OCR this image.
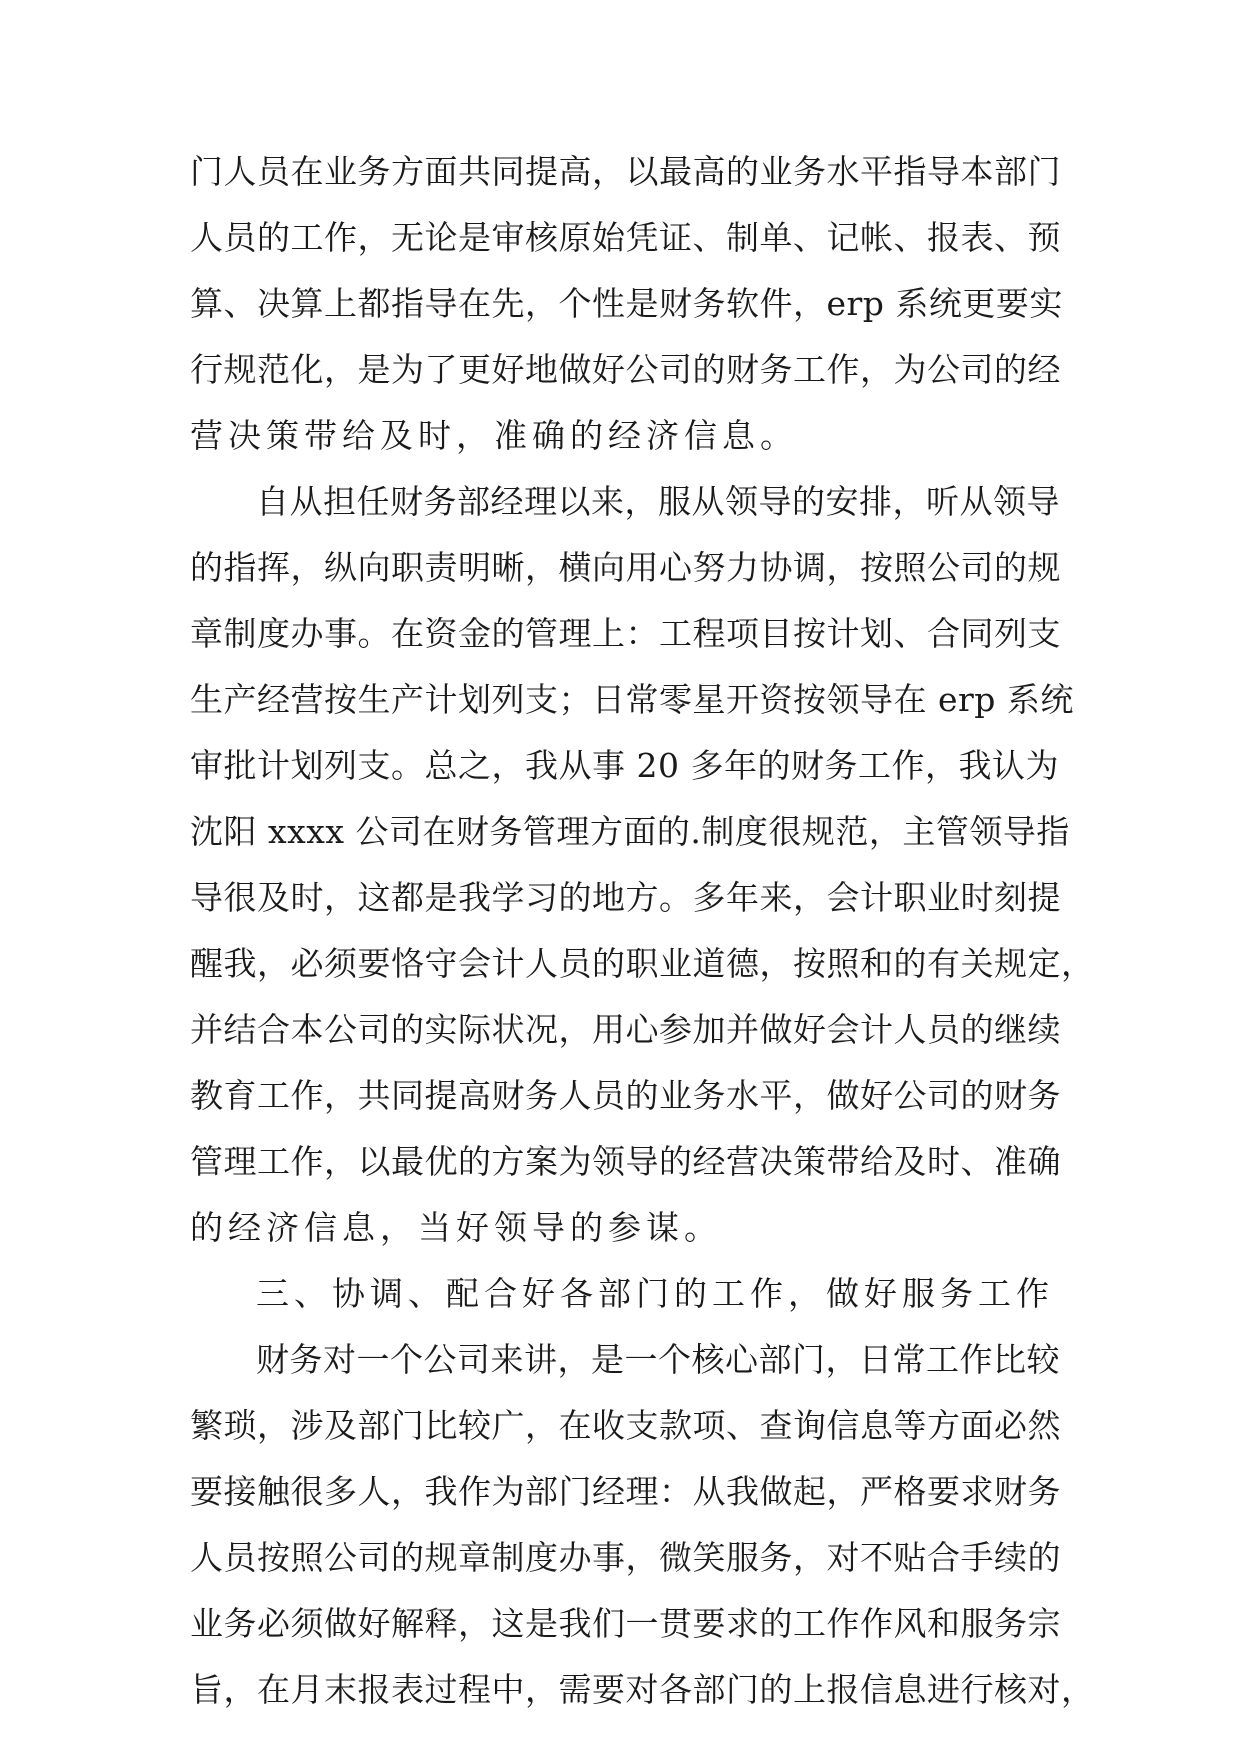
门人员在业务方面共同提高，以最高的业务水平指导本部门
人员的工作，无论是审核原始凭证、制单、记帐、报表、预
算、决算上都指导在先，个性是财务软件，erp 系统更要实
行规范化，是为了更好地做好公司的财务工作，为公司的经
营决策带给及时，准确的经济信息。
自从担任财务部经理以来，服从领导的安排，听从领导
的指挥，纵向职责明晰，横向用心努力协调，按照公司的规
章制度办事。在资金的管理上：工程项目按计划、合同列支
生产经营按生产计划列支；日常零星开资按领导在 erp 系统
审批计划列支。总之，我从事 20 多年的财务工作，我认为
沈阳 xxxx 公司在财务管理方面的.制度很规范，主管领导指
导很及时，这都是我学习的地方。多年来，会计职业时刻提
醒我，必须要恪守会计人员的职业道德，按照和的有关规定，
并结合本公司的实际状况，用心参加并做好会计人员的继续
教育工作，共同提高财务人员的业务水平，做好公司的财务
管理工作，以最优的方案为领导的经营决策带给及时、准确
的经济信息，当好领导的参谋。
三、协调、配合好各部门的工作，做好服务工作
财务对一个公司来讲，是一个核心部门，日常工作比较
繁琐，涉及部门比较广，在收支款项、查询信息等方面必然
要接触很多人，我作为部门经理：从我做起，严格要求财务
人员按照公司的规章制度办事，微笑服务，对不贴合手续的
业务必须做好解释，这是我们一贯要求的工作作风和服务宗
旨，在月末报表过程中，需要对各部门的上报信息进行核对，
